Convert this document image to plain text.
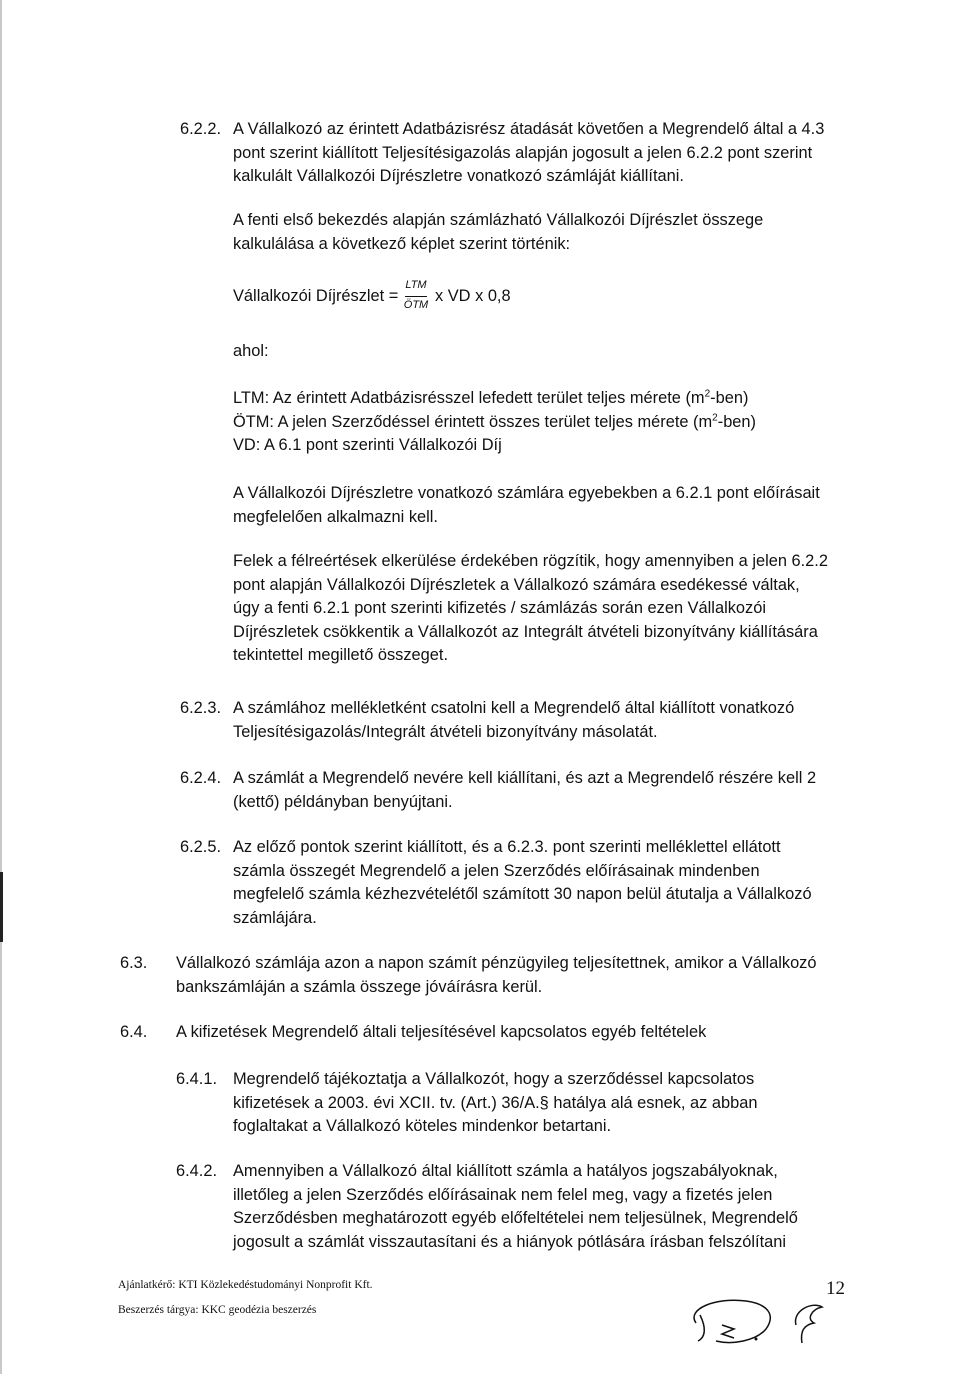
6.2.2. A Vállalkozó az érintett Adatbázisrész átadását követően a Megrendelő által a 4.3
pont szerint kiállított Teljesítésigazolás alapján jogosult a jelen 6.2.2 pont szerint
kalkulált Vállalkozói Díjrészletre vonatkozó számláját kiállítani.
A fenti első bekezdés alapján számlázható Vállalkozói Díjrészlet összege
kalkulálása a következő képlet szerint történik:
Vállalkozói Díjrészlet =
LTM
ÖTM x VD x 0,8
ahol:
LTM: Az érintett Adatbázisrésszel lefedett terület teljes mérete $(m^2-ben)$
ÖTM: A jelen Szerződéssel érintett összes terület teljes mérete $(m^2-ben)$
VD: A 6.1 pont szerinti Vállalkozói Díj
A Vállalkozói Díjrészletre vonatkozó számlára egyebekben a 6.2.1 pont előírásait
megfelelően alkalmazni kell.
Felek a félreértések elkerülése érdekében rögzítik, hogy amennyiben a jelen 6.2.2
pont alapján Vállalkozói Díjrészletek a Vállalkozó számára esedékessé váltak,
úgy a fenti 6.2.1 pont szerinti kifizetés / számlázás során ezen Vállalkozói
Díjrészletek csökkentik a Vállalkozót az Integrált átvételi bizonyítvány kiállítására
tekintettel megillető összeget.
6.2.3. A számlához mellékletként csatolni kell a Megrendelő által kiállított vonatkozó
Teljesítésigazolás/Integrált átvételi bizonyítvány másolatát.
6.2.4. A számlát a Megrendelő nevére kell kiállítani, és azt a Megrendelő részére kell 2
(kettő) példányban benyújtani.
6.2.5. Az előző pontok szerint kiállított, és a 6.2.3. pont szerinti melléklettel ellátott
számla összegét Megrendelő a jelen Szerződés előírásainak mindenben
megfelelő számla kézhezvételétől számított 30 napon belül átutalja a Vállalkozó
számlájára.
6.3. Vállalkozó számlája azon a napon számít pénzügyileg teljesítettnek, amikor a Vállalkozó
bankszámláján a számla összege jóváírásra kerül.
6.4. A kifizetések Megrendelő általi teljesítésével kapcsolatos egyéb feltételek
6.4.1. Megrendelő tájékoztatja a Vállalkozót, hogy a szerződéssel kapcsolatos
kifizetések a 2003. évi XCII. tv. (Art.) 36/A.§ hatálya alá esnek, az abban
foglaltakat a Vállalkozó köteles mindenkor betartani.
6.4.2. Amennyiben a Vállalkozó által kiállított számla a hatályos jogszabályoknak,
illetőleg a jelen Szerződés előírásainak nem felel meg, vagy a fizetés jelen
Szerződésben meghatározott egyéb előfeltételei nem teljesülnek, Megrendelő
jogosult a számlát visszautasítani és a hiányok pótlására írásban felszólítani
Ajánlatkérő: KTI Közlekedéstudományi Nonprofit Kft.
Beszerzés tárgya: KKC geodézia beszerzés
12
